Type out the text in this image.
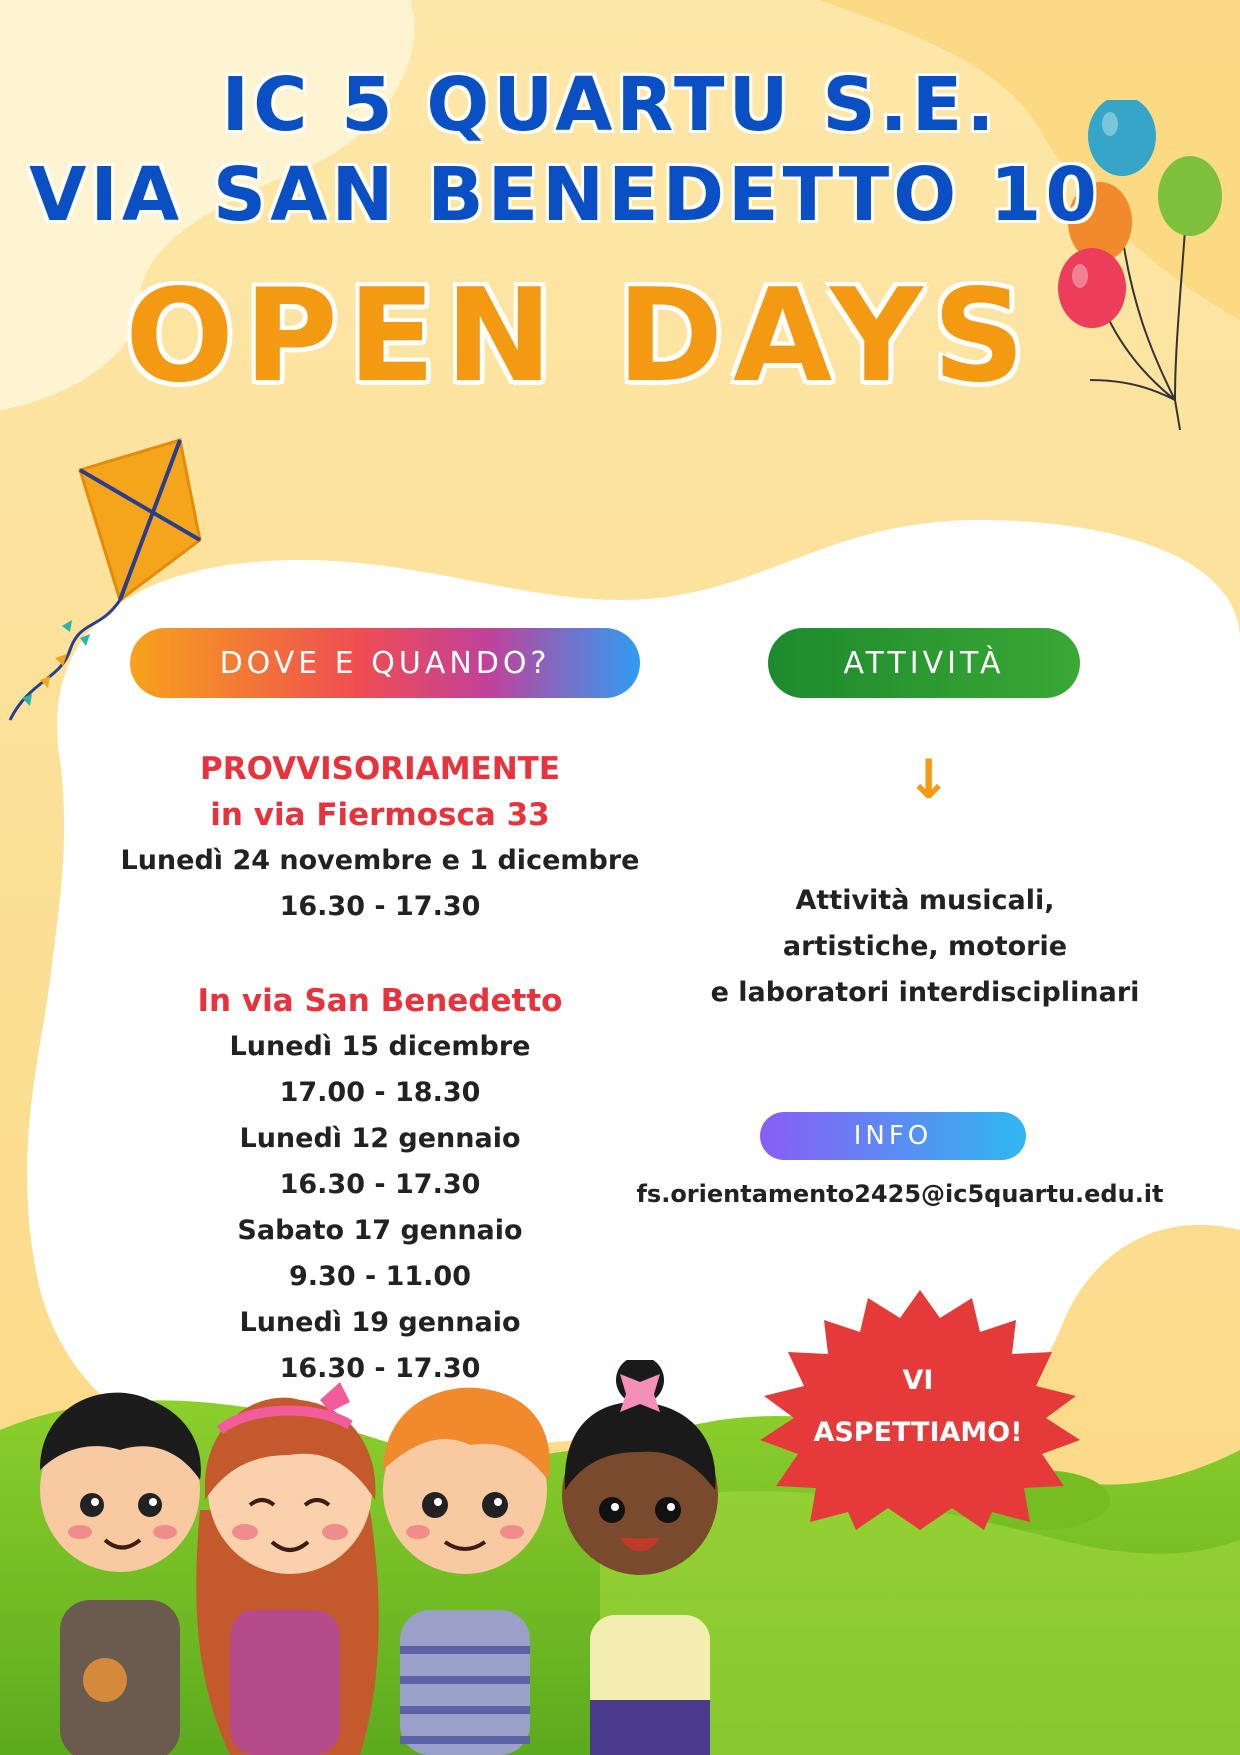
IC 5 QUARTU S.E.
VIA SAN BENEDETTO 10
OPEN DAYS
DOVE E QUANDO?	ATTIVITÀ
PROVVISORIAMENTE
in via Fiermosca 33
Lunedì 24 novembre e 1 dicembre
16.30 - 17.30
In via San Benedetto
Lunedì 15 dicembre
17.00 - 18.30
Lunedì 12 gennaio
16.30 - 17.30
Sabato 17 gennaio
9.30 - 11.00
Lunedì 19 gennaio
16.30 - 17.30
↓
Attività musicali,
artistiche, motorie
e laboratori interdisciplinari
INFO
fs.orientamento2425@ic5quartu.edu.it
VI
ASPETTIAMO!
